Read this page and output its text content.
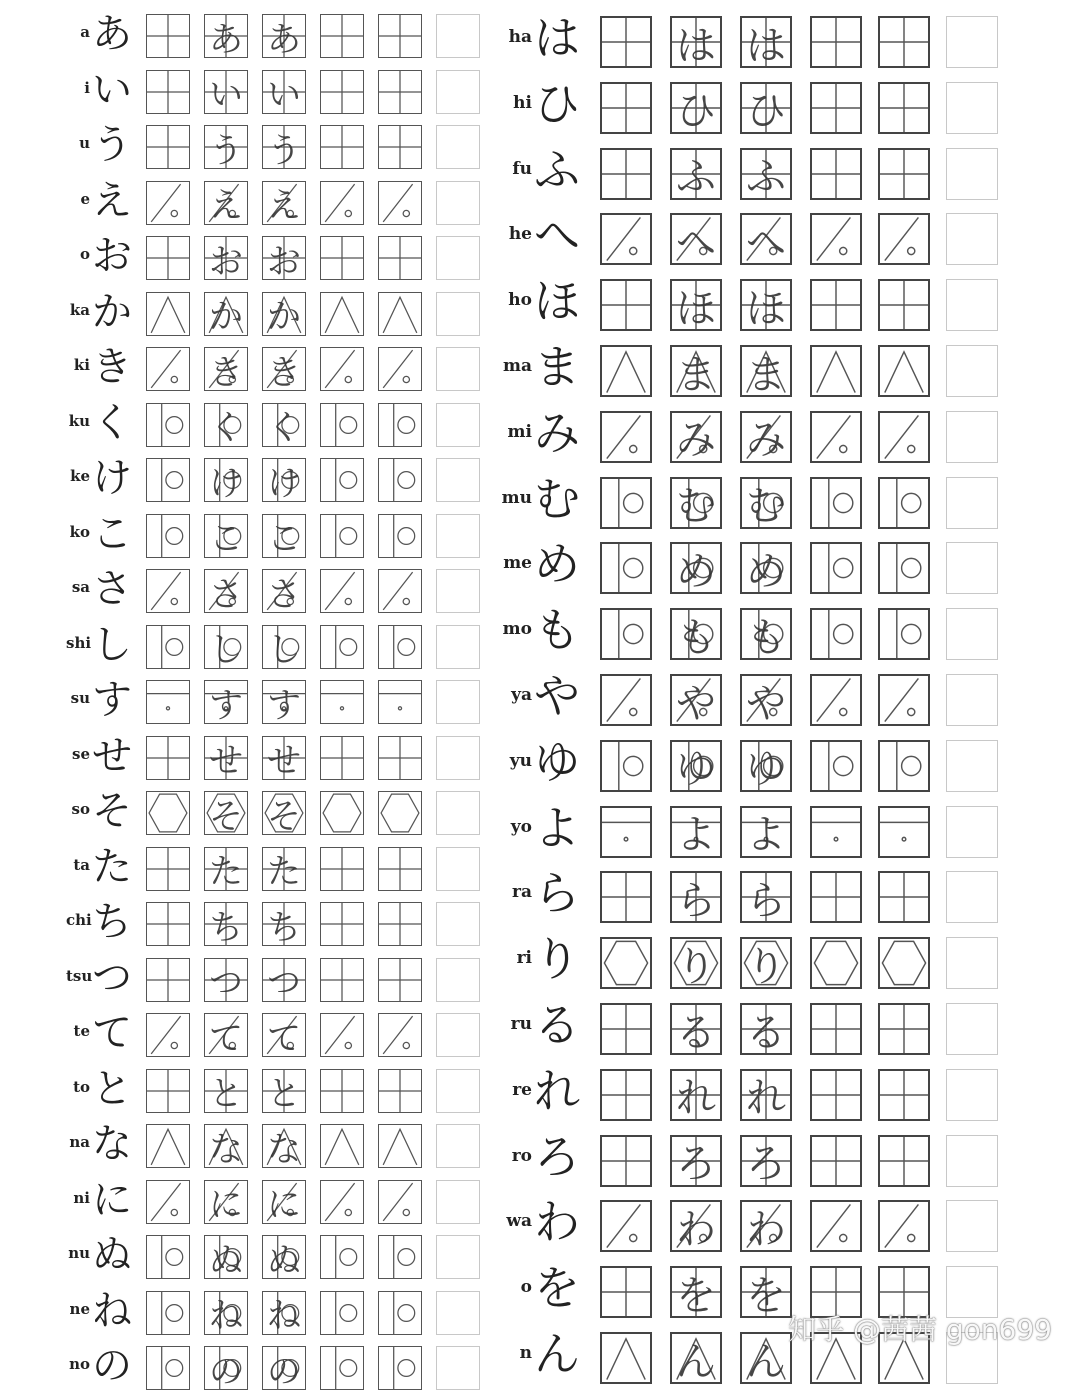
a あ あ あ
i い い い
u う う う
e え え え
o お お お
ka か か か
ki き き き
ku く く く
ke け け け
ko こ こ こ
sa さ さ さ
shi し し し
su す す す
se せ せ せ
so そ そ そ
ta た た た
chi ち ち ち
tsu つ つ つ
te て て て
to と と と
na な な な
ni に に に
nu ぬ ぬ ぬ
ne ね ね ね
no の の の
ha は は は
hi ひ ひ ひ
fu ふ ふ ふ
he へ へ へ
ho ほ ほ ほ
ma ま ま ま
mi み み み
mu む む む
me め め め
mo も も も
ya や や や
yu ゆ ゆ ゆ
yo よ よ よ
ra ら ら ら
ri り り り
ru る る る
re れ れ れ
ro ろ ろ ろ
wa わ わ わ
o を を を
n ん ん ん
知乎 @茜茜 gon699
